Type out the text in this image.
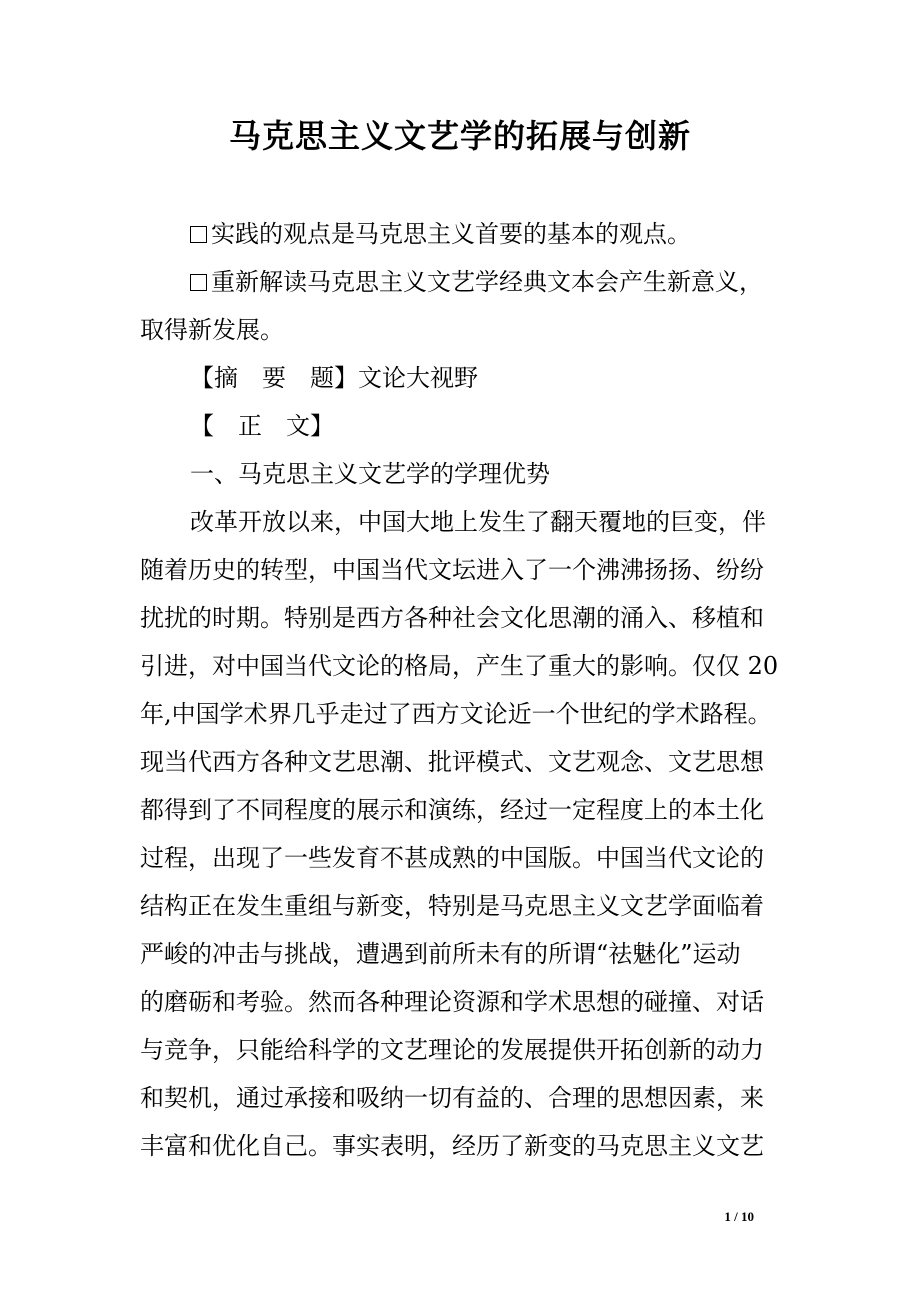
马克思主义文艺学的拓展与创新
实践的观点是马克思主义首要的基本的观点。
重新解读马克思主义文艺学经典文本会产生新意义，
取得新发展。
【摘　要　题】文论大视野
【　正　文】
一、马克思主义文艺学的学理优势
改革开放以来，中国大地上发生了翻天覆地的巨变，伴
随着历史的转型，中国当代文坛进入了一个沸沸扬扬、纷纷
扰扰的时期。特别是西方各种社会文化思潮的涌入、移植和
引进，对中国当代文论的格局，产生了重大的影响。仅仅 20
年,中国学术界几乎走过了西方文论近一个世纪的学术路程。
现当代西方各种文艺思潮、批评模式、文艺观念、文艺思想
都得到了不同程度的展示和演练，经过一定程度上的本土化
过程，出现了一些发育不甚成熟的中国版。中国当代文论的
结构正在发生重组与新变，特别是马克思主义文艺学面临着
严峻的冲击与挑战，遭遇到前所未有的所谓“祛魅化”运动
的磨砺和考验。然而各种理论资源和学术思想的碰撞、对话
与竞争，只能给科学的文艺理论的发展提供开拓创新的动力
和契机，通过承接和吸纳一切有益的、合理的思想因素，来
丰富和优化自己。事实表明，经历了新变的马克思主义文艺
1 / 10
